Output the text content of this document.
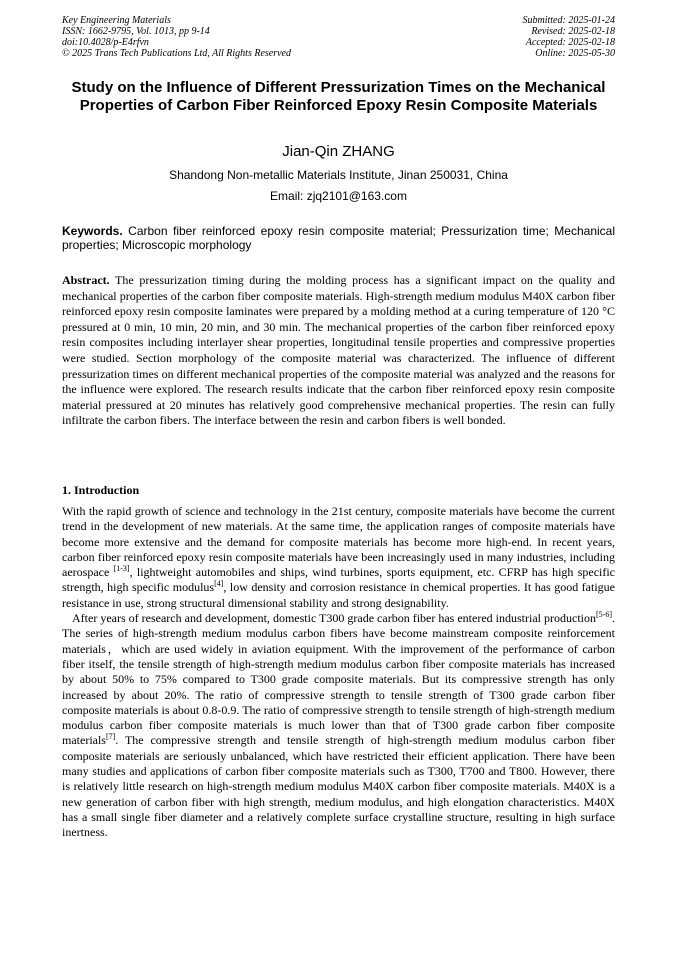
Key Engineering Materials
ISSN: 1662-9795, Vol. 1013, pp 9-14
doi:10.4028/p-E4rfvn
© 2025 Trans Tech Publications Ltd, All Rights Reserved
Submitted: 2025-01-24
Revised: 2025-02-18
Accepted: 2025-02-18
Online: 2025-05-30
Study on the Influence of Different Pressurization Times on the Mechanical Properties of Carbon Fiber Reinforced Epoxy Resin Composite Materials
Jian-Qin ZHANG
Shandong Non-metallic Materials Institute, Jinan 250031, China
Email: zjq2101@163.com
Keywords. Carbon fiber reinforced epoxy resin composite material; Pressurization time; Mechanical properties; Microscopic morphology
Abstract. The pressurization timing during the molding process has a significant impact on the quality and mechanical properties of the carbon fiber composite materials. High-strength medium modulus M40X carbon fiber reinforced epoxy resin composite laminates were prepared by a molding method at a curing temperature of 120 °C pressured at 0 min, 10 min, 20 min, and 30 min. The mechanical properties of the carbon fiber reinforced epoxy resin composites including interlayer shear properties, longitudinal tensile properties and compressive properties were studied. Section morphology of the composite material was characterized. The influence of different pressurization times on different mechanical properties of the composite material was analyzed and the reasons for the influence were explored. The research results indicate that the carbon fiber reinforced epoxy resin composite material pressured at 20 minutes has relatively good comprehensive mechanical properties. The resin can fully infiltrate the carbon fibers. The interface between the resin and carbon fibers is well bonded.
1. Introduction

With the rapid growth of science and technology in the 21st century, composite materials have become the current trend in the development of new materials. At the same time, the application ranges of composite materials have become more extensive and the demand for composite materials has become more high-end. In recent years, carbon fiber reinforced epoxy resin composite materials have been increasingly used in many industries, including aerospace [1-3], lightweight automobiles and ships, wind turbines, sports equipment, etc. CFRP has high specific strength, high specific modulus[4], low density and corrosion resistance in chemical properties. It has good fatigue resistance in use, strong structural dimensional stability and strong designability.

After years of research and development, domestic T300 grade carbon fiber has entered industrial production[5-6]. The series of high-strength medium modulus carbon fibers have become mainstream composite reinforcement materials，which are used widely in aviation equipment. With the improvement of the performance of carbon fiber itself, the tensile strength of high-strength medium modulus carbon fiber composite materials has increased by about 50% to 75% compared to T300 grade composite materials. But its compressive strength has only increased by about 20%. The ratio of compressive strength to tensile strength of T300 grade carbon fiber composite materials is about 0.8-0.9. The ratio of compressive strength to tensile strength of high-strength medium modulus carbon fiber composite materials is much lower than that of T300 grade carbon fiber composite materials[7]. The compressive strength and tensile strength of high-strength medium modulus carbon fiber composite materials are seriously unbalanced, which have restricted their efficient application. There have been many studies and applications of carbon fiber composite materials such as T300, T700 and T800. However, there is relatively little research on high-strength medium modulus M40X carbon fiber composite materials. M40X is a new generation of carbon fiber with high strength, medium modulus, and high elongation characteristics. M40X has a small single fiber diameter and a relatively complete surface crystalline structure, resulting in high surface inertness.
